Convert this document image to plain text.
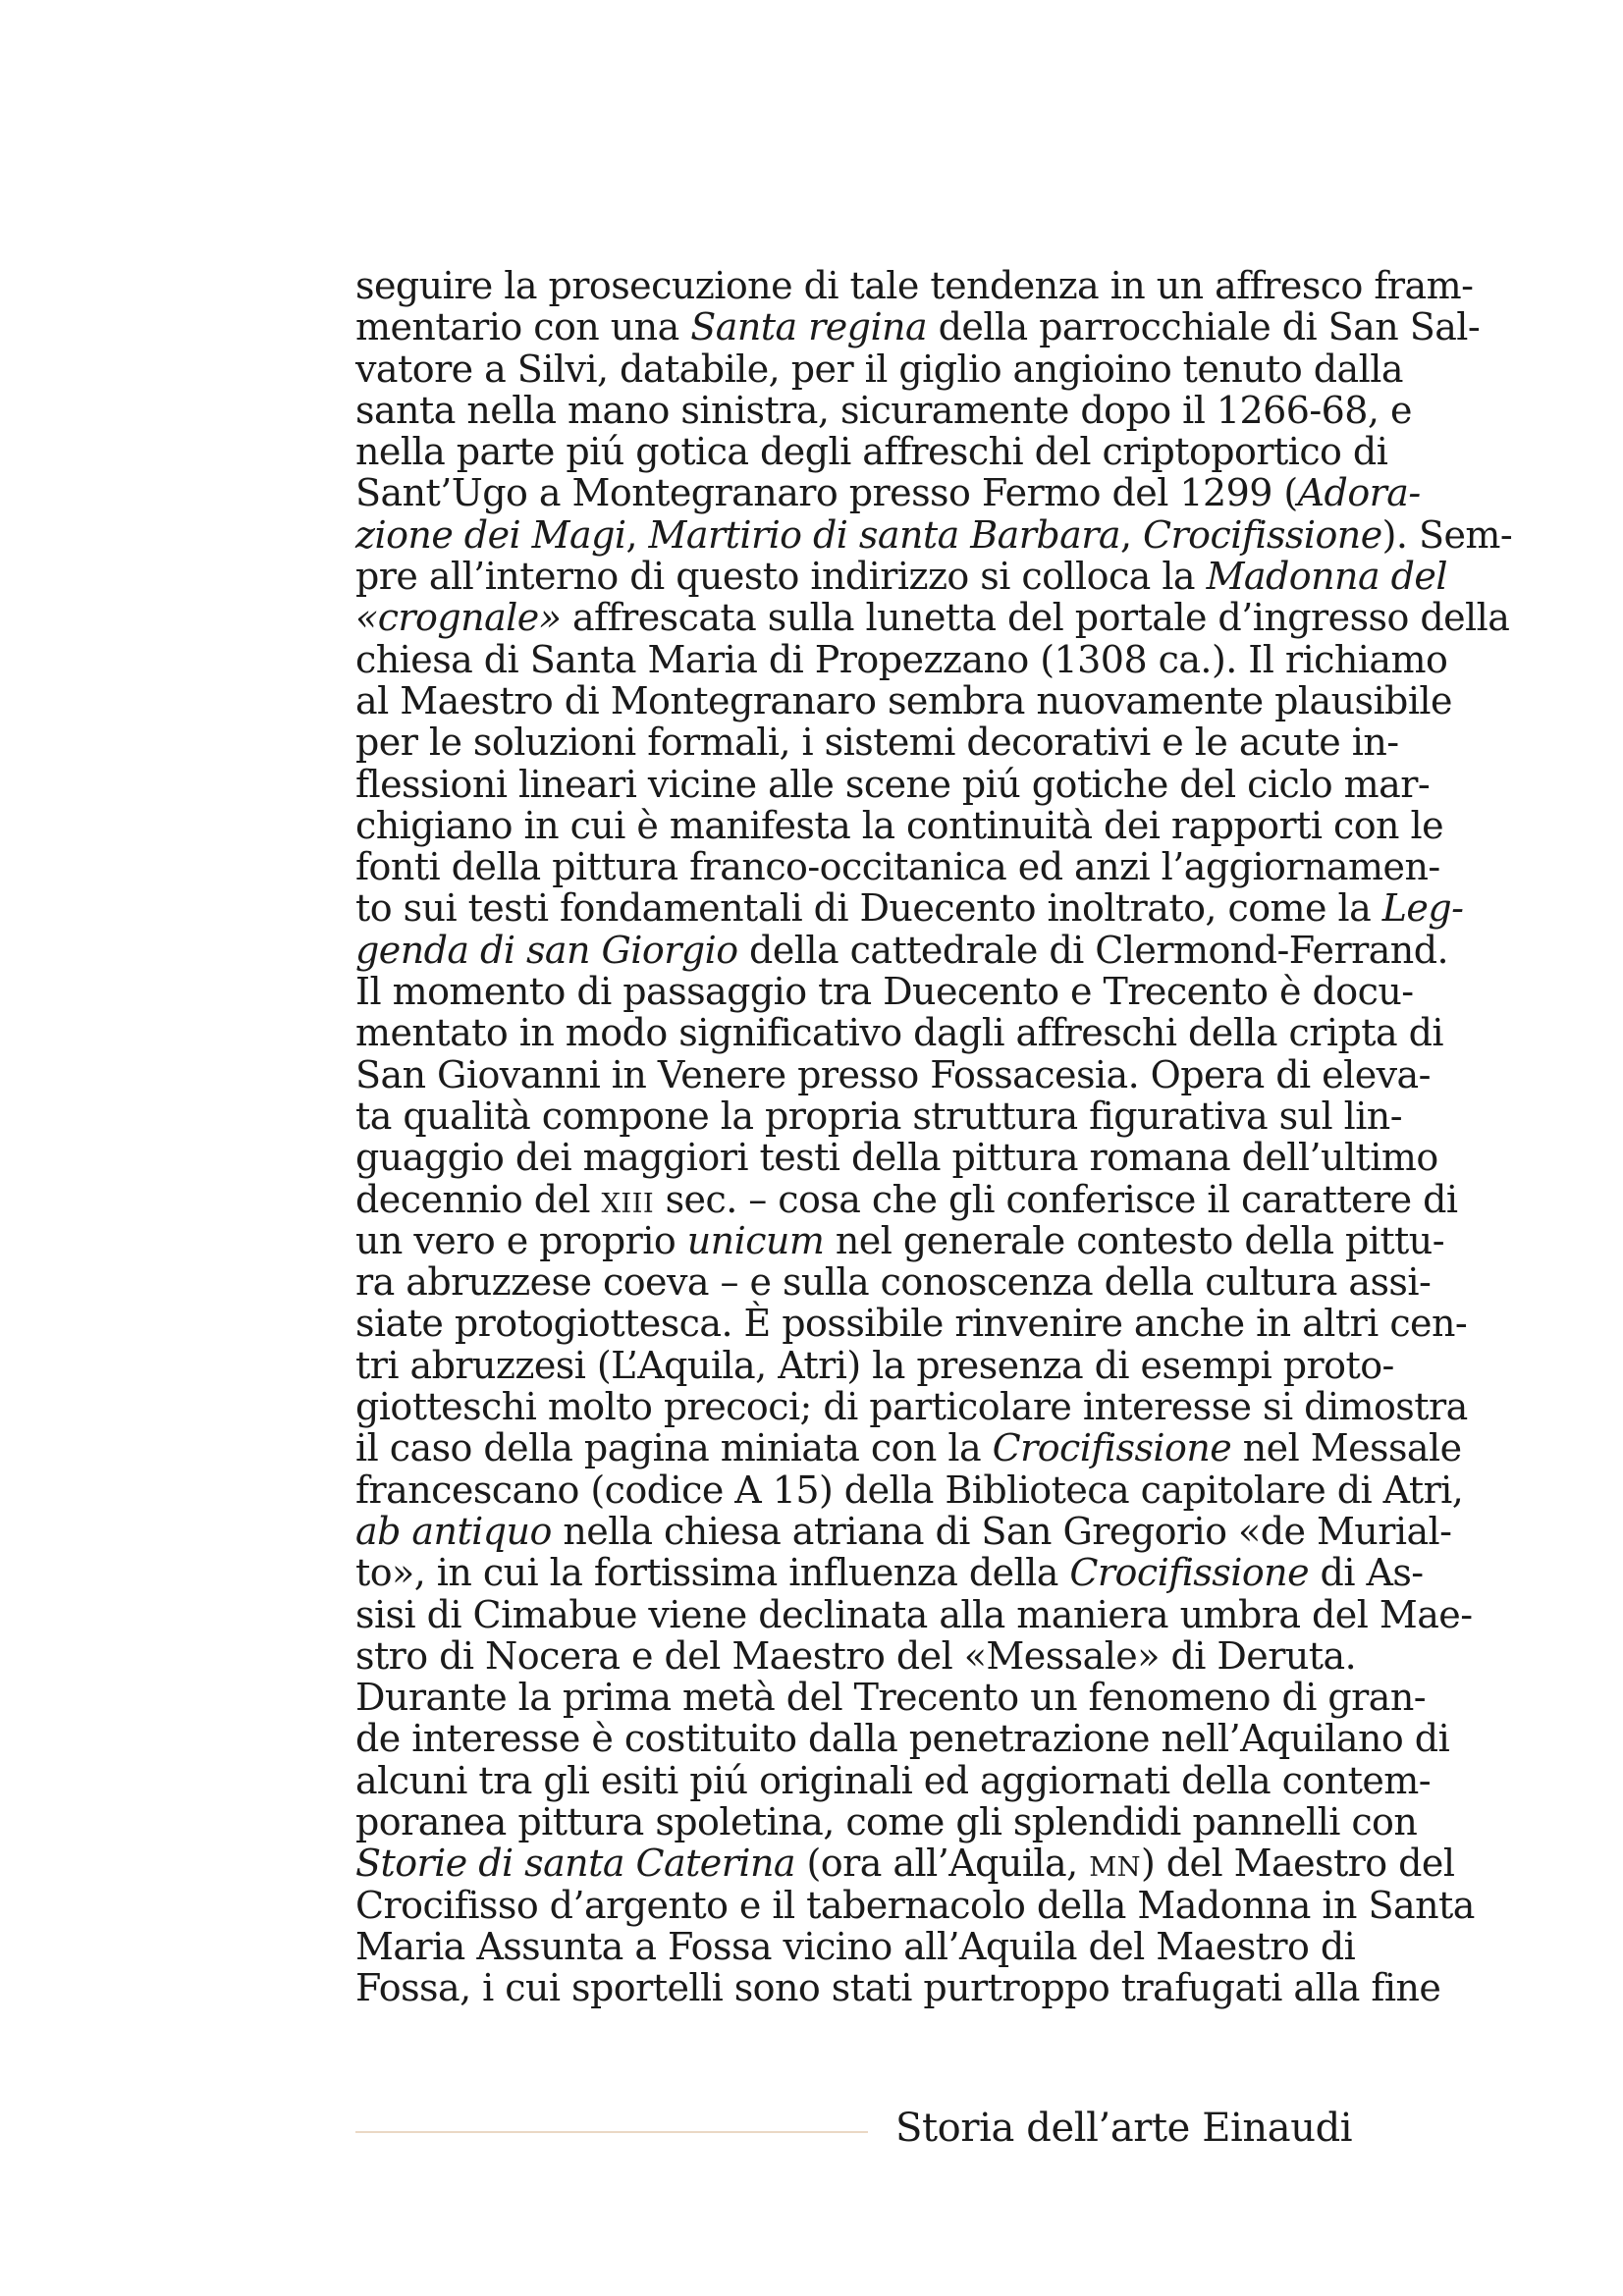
seguire la prosecuzione di tale tendenza in un affresco fram-
mentario con una Santa regina della parrocchiale di San Sal-
vatore a Silvi, databile, per il giglio angioino tenuto dalla
santa nella mano sinistra, sicuramente dopo il 1266-68, e
nella parte piú gotica degli affreschi del criptoportico di
Sant’Ugo a Montegranaro presso Fermo del 1299 (Adora-
zione dei Magi, Martirio di santa Barbara, Crocifissione). Sem-
pre all’interno di questo indirizzo si colloca la Madonna del
«crognale» affrescata sulla lunetta del portale d’ingresso della
chiesa di Santa Maria di Propezzano (1308 ca.). Il richiamo
al Maestro di Montegranaro sembra nuovamente plausibile
per le soluzioni formali, i sistemi decorativi e le acute in-
flessioni lineari vicine alle scene piú gotiche del ciclo mar-
chigiano in cui è manifesta la continuità dei rapporti con le
fonti della pittura franco-occitanica ed anzi l’aggiornamen-
to sui testi fondamentali di Duecento inoltrato, come la Leg-
genda di san Giorgio della cattedrale di Clermond-Ferrand.
Il momento di passaggio tra Duecento e Trecento è docu-
mentato in modo significativo dagli affreschi della cripta di
San Giovanni in Venere presso Fossacesia. Opera di eleva-
ta qualità compone la propria struttura figurativa sul lin-
guaggio dei maggiori testi della pittura romana dell’ultimo
decennio del XIII sec. – cosa che gli conferisce il carattere di
un vero e proprio unicum nel generale contesto della pittu-
ra abruzzese coeva – e sulla conoscenza della cultura assi-
siate protogiottesca. È possibile rinvenire anche in altri cen-
tri abruzzesi (L’Aquila, Atri) la presenza di esempi proto-
giotteschi molto precoci; di particolare interesse si dimostra
il caso della pagina miniata con la Crocifissione nel Messale
francescano (codice A 15) della Biblioteca capitolare di Atri,
ab antiquo nella chiesa atriana di San Gregorio «de Murial-
to», in cui la fortissima influenza della Crocifissione di As-
sisi di Cimabue viene declinata alla maniera umbra del Mae-
stro di Nocera e del Maestro del «Messale» di Deruta.
Durante la prima metà del Trecento un fenomeno di gran-
de interesse è costituito dalla penetrazione nell’Aquilano di
alcuni tra gli esiti piú originali ed aggiornati della contem-
poranea pittura spoletina, come gli splendidi pannelli con
Storie di santa Caterina (ora all’Aquila, MN) del Maestro del
Crocifisso d’argento e il tabernacolo della Madonna in Santa
Maria Assunta a Fossa vicino all’Aquila del Maestro di
Fossa, i cui sportelli sono stati purtroppo trafugati alla fine
Storia dell’arte Einaudi
